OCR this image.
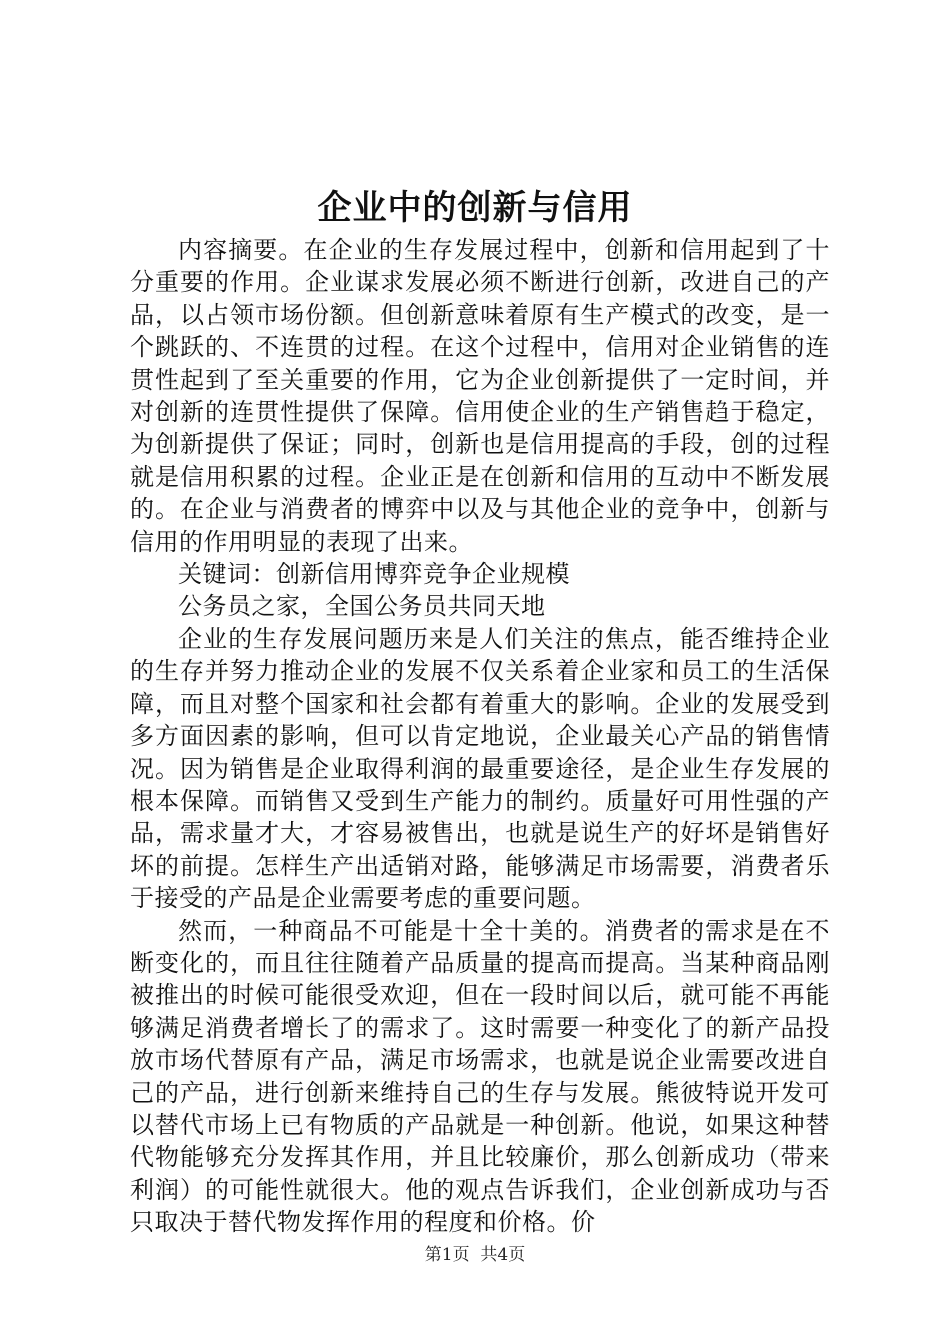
企业中的创新与信用

内容摘要。在企业的生存发展过程中，创新和信用起到了十分重要的作用。企业谋求发展必须不断进行创新，改进自己的产品，以占领市场份额。但创新意味着原有生产模式的改变，是一个跳跃的、不连贯的过程。在这个过程中，信用对企业销售的连贯性起到了至关重要的作用，它为企业创新提供了一定时间，并对创新的连贯性提供了保障。信用使企业的生产销售趋于稳定，为创新提供了保证；同时，创新也是信用提高的手段，创的过程就是信用积累的过程。企业正是在创新和信用的互动中不断发展的。在企业与消费者的博弈中以及与其他企业的竞争中，创新与信用的作用明显的表现了出来。

关键词：创新信用博弈竞争企业规模

公务员之家，全国公务员共同天地

企业的生存发展问题历来是人们关注的焦点，能否维持企业的生存并努力推动企业的发展不仅关系着企业家和员工的生活保障，而且对整个国家和社会都有着重大的影响。企业的发展受到多方面因素的影响，但可以肯定地说，企业最关心产品的销售情况。因为销售是企业取得利润的最重要途径，是企业生存发展的根本保障。而销售又受到生产能力的制约。质量好可用性强的产品，需求量才大，才容易被售出，也就是说生产的好坏是销售好坏的前提。怎样生产出适销对路，能够满足市场需要，消费者乐于接受的产品是企业需要考虑的重要问题。

然而，一种商品不可能是十全十美的。消费者的需求是在不断变化的，而且往往随着产品质量的提高而提高。当某种商品刚被推出的时候可能很受欢迎，但在一段时间以后，就可能不再能够满足消费者增长了的需求了。这时需要一种变化了的新产品投放市场代替原有产品，满足市场需求，也就是说企业需要改进自己的产品，进行创新来维持自己的生存与发展。熊彼特说开发可以替代市场上已有物质的产品就是一种创新。他说，如果这种替代物能够充分发挥其作用，并且比较廉价，那么创新成功（带来利润）的可能性就很大。他的观点告诉我们，企业创新成功与否只取决于替代物发挥作用的程度和价格。价

第1页  共4页
